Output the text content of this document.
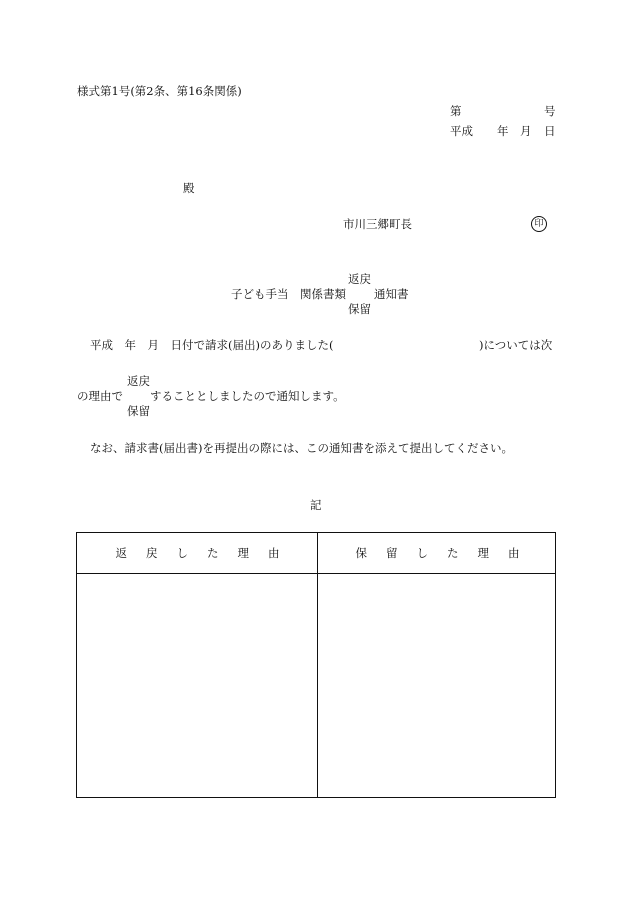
様式第1号(第2条、第16条関係)
第	号
平成 年 月 日
殿
市川三郷町長	印
返戻
子ども手当　関係書類 通知書
保留
平成　年　月　日付で請求(届出)のありました(	)については次
返戻
の理由で することとしましたので通知します。
保留
なお、請求書(届出書)を再提出の際には、この通知書を添えて提出してください。
記
返戻した理由	保留した理由
